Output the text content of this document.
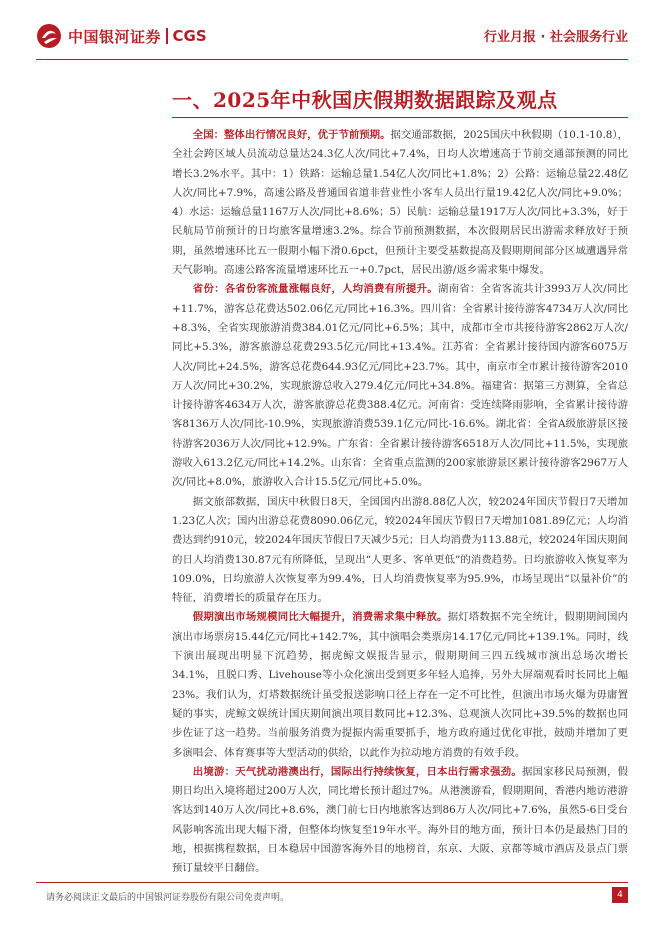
中国银河证券 CGS	行业月报 · 社会服务行业
一、2025年中秋国庆假期数据跟踪及观点

全国：整体出行情况良好，优于节前预期。据交通部数据，2025国庆中秋假期（10.1-10.8），全社会跨区域人员流动总量达24.3亿人次/同比+7.4%，日均人次增速高于节前交通部预测的同比增长3.2%水平。其中：1）铁路：运输总量1.54亿人次/同比+1.8%；2）公路：运输总量22.48亿人次/同比+7.9%，高速公路及普通国省道非营业性小客车人员出行量19.42亿人次/同比+9.0%；4）水运：运输总量1167万人次/同比+8.6%；5）民航：运输总量1917万人次/同比+3.3%，好于民航局节前预计的日均旅客量增速3.2%。综合节前预测数据，本次假期居民出游需求释放好于预期，虽然增速环比五一假期小幅下滑0.6pct，但预计主要受基数提高及假期期间部分区域遭遇异常天气影响。高速公路客流量增速环比五一+0.7pct，居民出游/返乡需求集中爆发。

省份：各省份客流量涨幅良好，人均消费有所提升。湖南省：全省客流共计3993万人次/同比+11.7%，游客总花费达502.06亿元/同比+16.3%。四川省：全省累计接待游客4734万人次/同比+8.3%，全省实现旅游消费384.01亿元/同比+6.5%；其中，成都市全市共接待游客2862万人次/同比+5.3%，游客旅游总花费293.5亿元/同比+13.4%。江苏省：全省累计接待国内游客6075万人次/同比+24.5%，游客总花费644.93亿元/同比+23.7%。其中，南京市全市累计接待游客2010万人次/同比+30.2%，实现旅游总收入279.4亿元/同比+34.8%。福建省：据第三方测算，全省总计接待游客4634万人次，游客旅游总花费388.4亿元。河南省：受连续降雨影响，全省累计接待游客8136万人次/同比-10.9%，实现旅游消费539.1亿元/同比-16.6%。湖北省：全省A级旅游景区接待游客2036万人次/同比+12.9%。广东省：全省累计接待游客6518万人次/同比+11.5%，实现旅游收入613.2亿元/同比+14.2%。山东省：全省重点监测的200家旅游景区累计接待游客2967万人次/同比+8.0%，旅游收入合计15.5亿元/同比+5.0%。

据文旅部数据，国庆中秋假日8天，全国国内出游8.88亿人次，较2024年国庆节假日7天增加1.23亿人次；国内出游总花费8090.06亿元，较2024年国庆节假日7天增加1081.89亿元；人均消费达到约910元，较2024年国庆节假日7天减少5元；日人均消费为113.88元，较2024年国庆期间的日人均消费130.87元有所降低，呈现出“人更多、客单更低”的消费趋势。日均旅游收入恢复率为109.0%，日均旅游人次恢复率为99.4%，日人均消费恢复率为95.9%，市场呈现出“以量补价”的特征，消费增长的质量存在压力。

假期演出市场规模同比大幅提升，消费需求集中释放。据灯塔数据不完全统计，假期期间国内演出市场票房15.44亿元/同比+142.7%，其中演唱会类票房14.17亿元/同比+139.1%。同时，线下演出展现出明显下沉趋势，据虎鲸文娱报告显示，假期期间三四五线城市演出总场次增长34.1%，且脱口秀、Livehouse等小众化演出受到更多年轻人追捧，另外大屏端观看时长同比上幅23%。我们认为，灯塔数据统计虽受报送影响口径上存在一定不可比性，但演出市场火爆为毋庸置疑的事实，虎鲸文娱统计国庆期间演出项目数同比+12.3%、总观演人次同比+39.5%的数据也同步佐证了这一趋势。当前服务消费为提振内需重要抓手，地方政府通过优化审批，鼓励并增加了更多演唱会、体育赛事等大型活动的供给，以此作为拉动地方消费的有效手段。

出境游：天气扰动港澳出行，国际出行持续恢复，日本出行需求强劲。据国家移民局预测，假期日均出入境将超过200万人次，同比增长预计超过7%。从港澳游看，假期期间，香港内地访港游客达到140万人次/同比+8.6%，澳门前七日内地旅客达到86万人次/同比+7.6%，虽然5-6日受台风影响客流出现大幅下滑，但整体均恢复至19年水平。海外目的地方面，预计日本仍是最热门目的地，根据携程数据，日本稳居中国游客海外目的地榜首，东京、大阪、京都等城市酒店及景点门票预订量较平日翻倍。

请务必阅读正文最后的中国银河证券股份有限公司免责声明。	4
